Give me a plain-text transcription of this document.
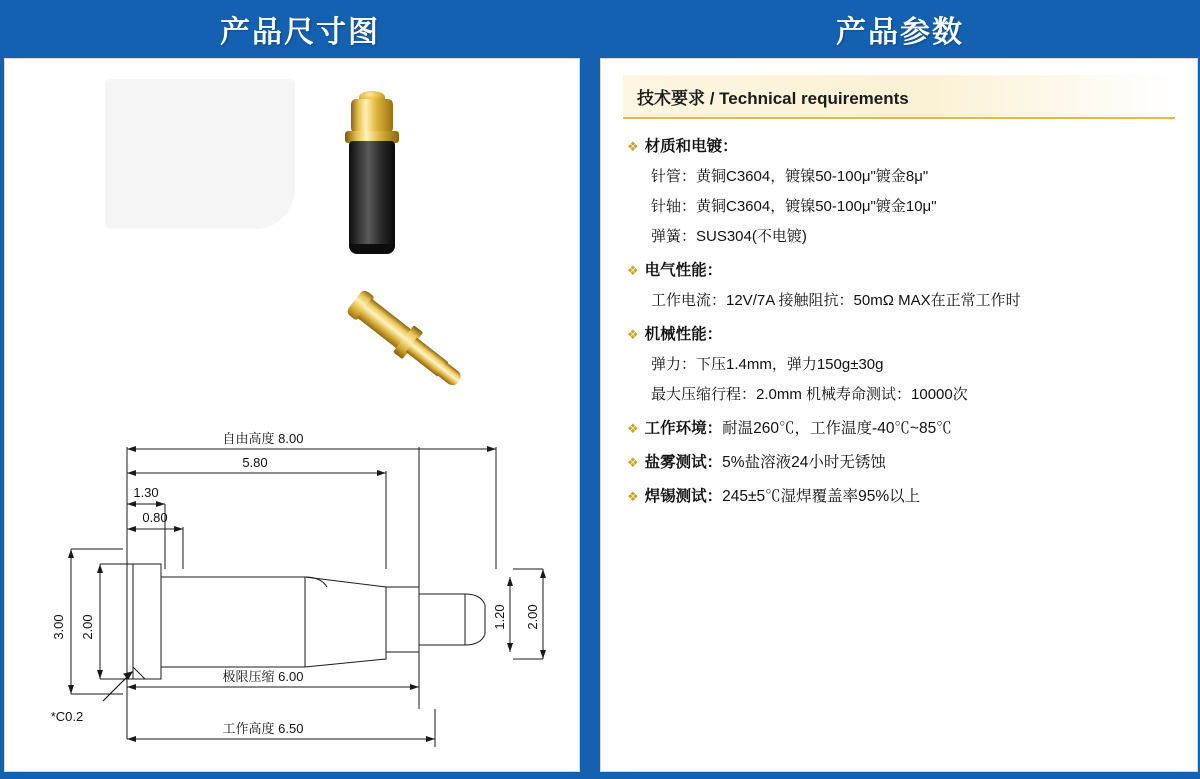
产品尺寸图	产品参数
自由高度 8.00
5.80
1.30
0.80
3.00 2.00	1.20 2.00
*C0.2
极限压缩 6.00
工作高度 6.50
技术要求 / Technical requirements
❖ 材质和电镀：
针管：黄铜C3604，镀镍50-100μ"镀金8μ"
针轴：黄铜C3604，镀镍50-100μ"镀金10μ"
弹簧：SUS304(不电镀)
❖ 电气性能：
工作电流：12V/7A 接触阻抗：50mΩ MAX在正常工作时
❖ 机械性能：
弹力：下压1.4mm，弹力150g±30g
最大压缩行程：2.0mm 机械寿命测试：10000次
❖ 工作环境： 耐温260℃，工作温度-40℃~85℃
❖ 盐雾测试： 5%盐溶液24小时无锈蚀
❖ 焊锡测试： 245±5℃湿焊覆盖率95%以上
